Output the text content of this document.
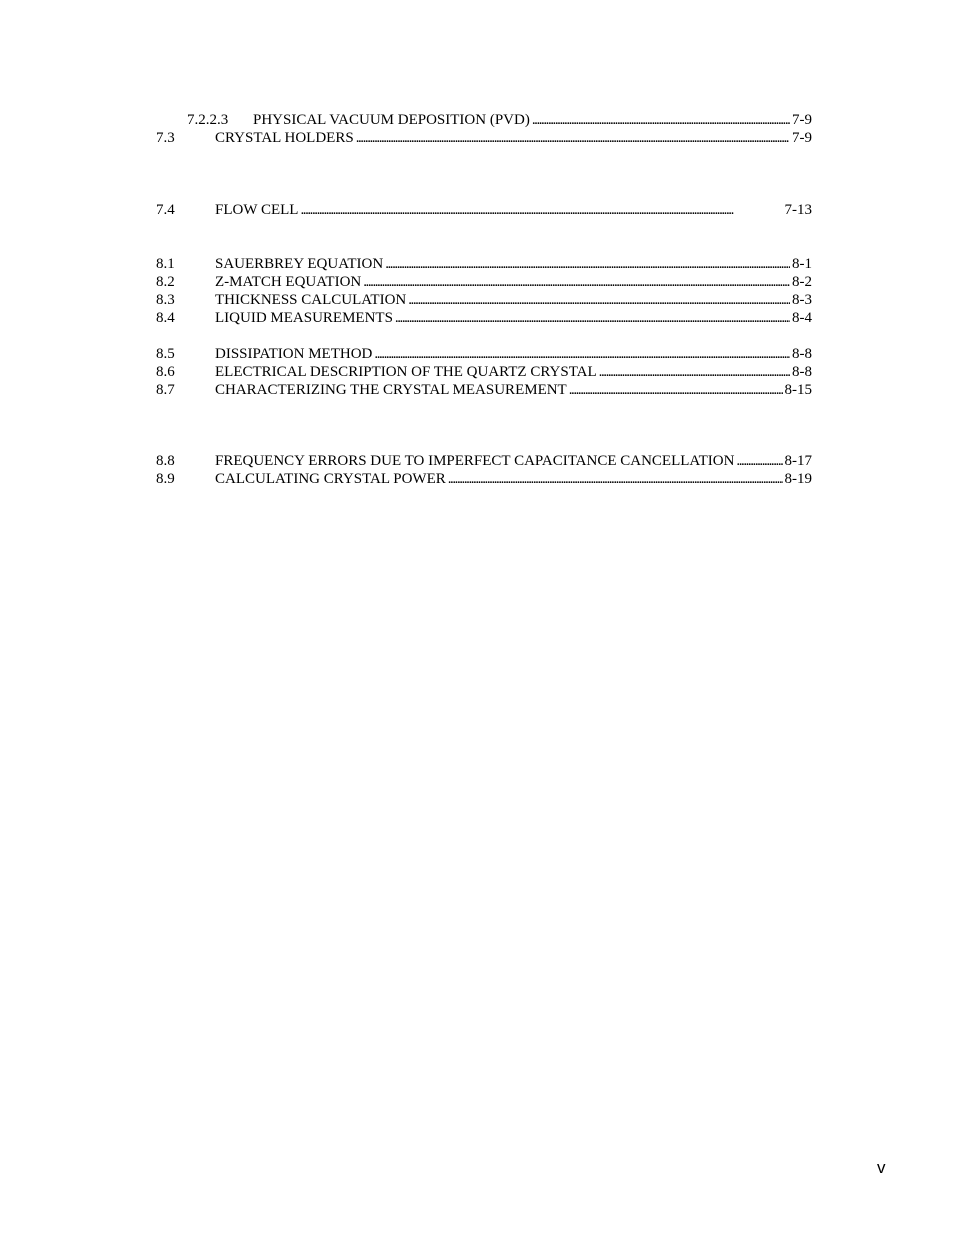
7.2.2.3 PHYSICAL VACUUM DEPOSITION (PVD) . . .	7-9
7.3	CRYSTAL HOLDERS . . .	7-9
7.4	FLOW CELL . . .	7-13
8.1	SAUERBREY EQUATION . . .	8-1
8.2	Z-MATCH EQUATION . . .	8-2
8.3	THICKNESS CALCULATION . . .	8-3
8.4	LIQUID MEASUREMENTS . . .	8-4
8.5	DISSIPATION METHOD . . .	8-8
8.6	ELECTRICAL DESCRIPTION OF THE QUARTZ CRYSTAL . . .	8-8
8.7	CHARACTERIZING THE CRYSTAL MEASUREMENT . . .	8-15
8.8	FREQUENCY ERRORS DUE TO IMPERFECT CAPACITANCE CANCELLATION . . .	8-17
8.9	CALCULATING CRYSTAL POWER . . .	8-19
v
